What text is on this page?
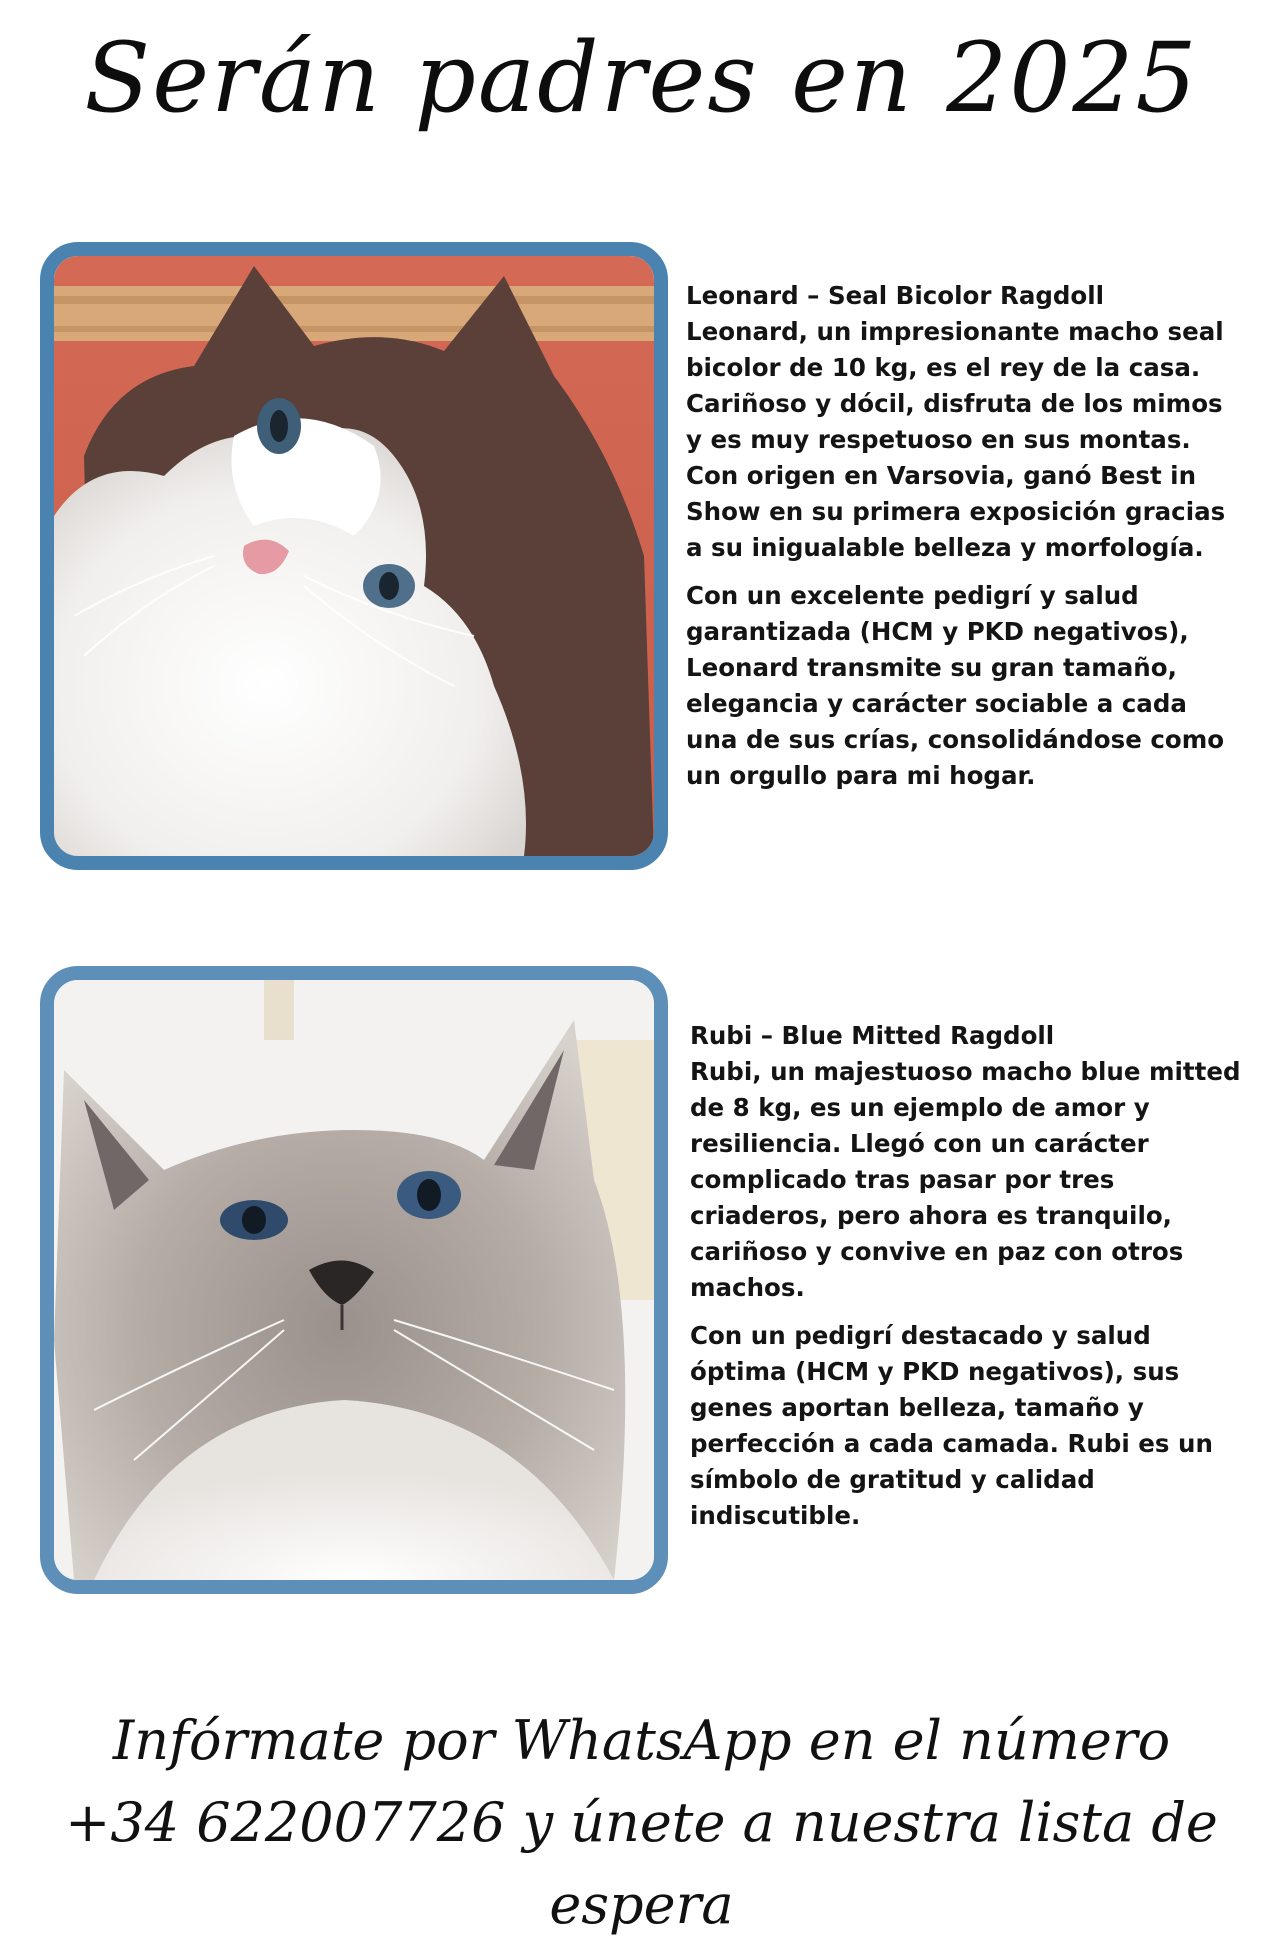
Serán padres en 2025

Leonard – Seal Bicolor Ragdoll
Leonard, un impresionante macho seal bicolor de 10 kg, es el rey de la casa. Cariñoso y dócil, disfruta de los mimos y es muy respetuoso en sus montas. Con origen en Varsovia, ganó Best in Show en su primera exposición gracias a su inigualable belleza y morfología.

Con un excelente pedigrí y salud garantizada (HCM y PKD negativos), Leonard transmite su gran tamaño, elegancia y carácter sociable a cada una de sus crías, consolidándose como un orgullo para mi hogar.

Rubi – Blue Mitted Ragdoll
Rubi, un majestuoso macho blue mitted de 8 kg, es un ejemplo de amor y resiliencia. Llegó con un carácter complicado tras pasar por tres criaderos, pero ahora es tranquilo, cariñoso y convive en paz con otros machos.

Con un pedigrí destacado y salud óptima (HCM y PKD negativos), sus genes aportan belleza, tamaño y perfección a cada camada. Rubi es un símbolo de gratitud y calidad indiscutible.

Infórmate por WhatsApp en el número
+34 622007726 y únete a nuestra lista de espera
